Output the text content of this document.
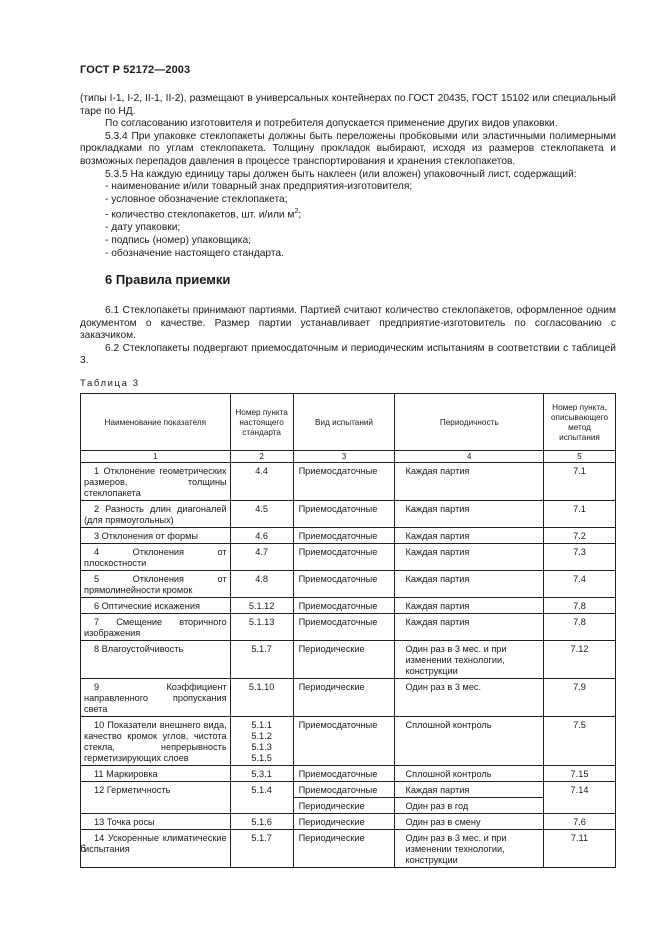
ГОСТ Р 52172—2003
(типы I-1, I-2, II-1, II-2), размещают в универсальных контейнерах по ГОСТ 20435, ГОСТ 15102 или специальный таре по НД.
По согласованию изготовителя и потребителя допускается применение других видов упаковки.
5.3.4 При упаковке стеклопакеты должны быть переложены пробковыми или эластичными полимерными прокладками по углам стеклопакета. Толщину прокладок выбирают, исходя из размеров стеклопакета и возможных перепадов давления в процессе транспортирования и хранения стеклопакетов.
5.3.5 На каждую единицу тары должен быть наклеен (или вложен) упаковочный лист, содержащий:
- наименование и/или товарный знак предприятия-изготовителя;
- условное обозначение стеклопакета;
- количество стеклопакетов, шт. и/или $м^2$;
- дату упаковки;
- подпись (номер) упаковщика;
- обозначение настоящего стандарта.
6 Правила приемки
6.1 Стеклопакеты принимают партиями. Партией считают количество стеклопакетов, оформленное одним документом о качестве. Размер партии устанавливает предприятие-изготовитель по согласованию с заказчиком.
6.2 Стеклопакеты подвергают приемосдаточным и периодическим испытаниям в соответствии с таблицей 3.
Таблица 3
Наименование показателя	Номер пункта настоящего стандарта	Вид испытаний	Периодичность	Номер пункта, описывающего метод испытания
1	2	3	4	5
1 Отклонение геометрических размеров, толщины стеклопакета	4.4	Приемосдаточные	Каждая партия	7.1
2 Разность длин диагоналей (для прямоугольных)	4.5	Приемосдаточные	Каждая партия	7.1
3 Отклонения от формы	4.6	Приемосдаточные	Каждая партия	7.2
4 Отклонения от плоскостности	4.7	Приемосдаточные	Каждая партия	7.3
5 Отклонения от прямолинейности кромок	4.8	Приемосдаточные	Каждая партия	7.4
6 Оптические искажения	5.1.12	Приемосдаточные	Каждая партия	7.8
7 Смещение вторичного изображения	5.1.13	Приемосдаточные	Каждая партия	7.8
8 Влагоустойчивость	5.1.7	Периодические	Один раз в 3 мес. и при изменении технологии, конструкции	7.12
9 Коэффициент направленного пропускания света	5.1.10	Периодические	Один раз в 3 мес.	7.9
10 Показатели внешнего вида, качество кромок углов, чистота стекла, непрерывность герметизирующих слоев	5.1.1
5.1.2
5.1.3
5.1.5	Приемосдаточные	Сплошной контроль	7.5
11 Маркировка	5.3.1	Приемосдаточные	Сплошной контроль	7.15
12 Герметичность	5.1.4	Приемосдаточные	Каждая партия	7.14
		Периодические	Один раз в год	
13 Точка росы	5.1.6	Периодические	Один раз в смену	7.6
14 Ускоренные климатические испытания	5.1.7	Периодические	Один раз в 3 мес. и при изменении технологии, конструкции	7.11
6
